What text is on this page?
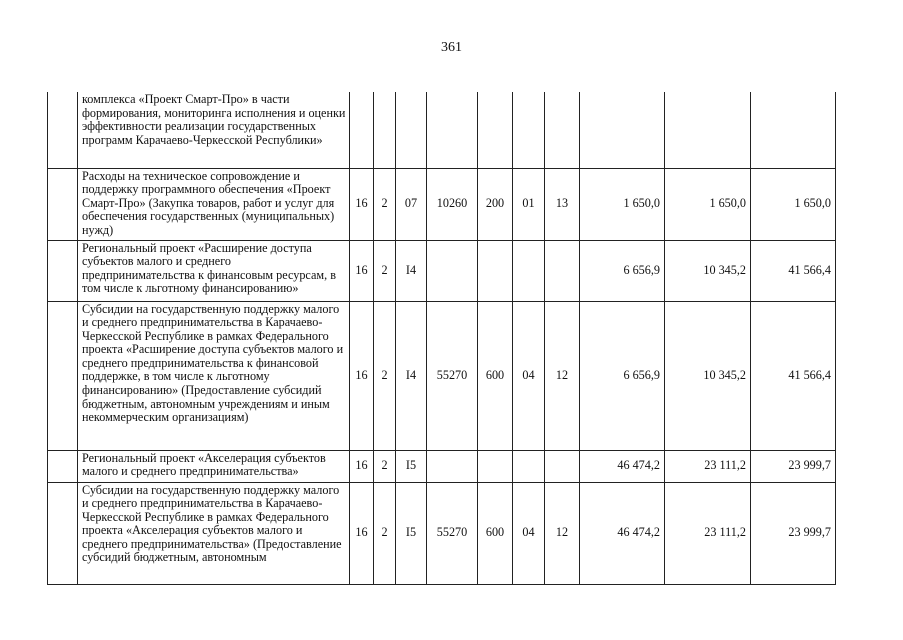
361

	комплекса «Проект Смарт-Про» в части формирования, мониторинга исполнения и оценки эффективности реализации государственных программ Карачаево-Черкесской Республики»										

	Расходы на техническое сопровождение и поддержку программного обеспечения «Проект Смарт-Про» (Закупка товаров, работ и услуг для обеспечения государственных (муниципальных) нужд)	16	2	07	10260	200	01	13	1 650,0	1 650,0	1 650,0

	Региональный проект «Расширение доступа субъектов малого и среднего предпринимательства к финансовым ресурсам, в том числе к льготному финансированию»	16	2	I4					6 656,9	10 345,2	41 566,4

	Субсидии на государственную поддержку малого и среднего предпринимательства в Карачаево-Черкесской Республике в рамках Федерального проекта «Расширение доступа субъектов малого и среднего предпринимательства к финансовой поддержке, в том числе к льготному финансированию» (Предоставление субсидий бюджетным, автономным учреждениям и иным некоммерческим организациям)	16	2	I4	55270	600	04	12	6 656,9	10 345,2	41 566,4

	Региональный проект «Акселерация субъектов малого и среднего предпринимательства»	16	2	I5					46 474,2	23 111,2	23 999,7

	Субсидии на государственную поддержку малого и среднего предпринимательства в Карачаево-Черкесской Республике в рамках Федерального проекта «Акселерация субъектов малого и среднего предпринимательства» (Предоставление субсидий бюджетным, автономным	16	2	I5	55270	600	04	12	46 474,2	23 111,2	23 999,7
